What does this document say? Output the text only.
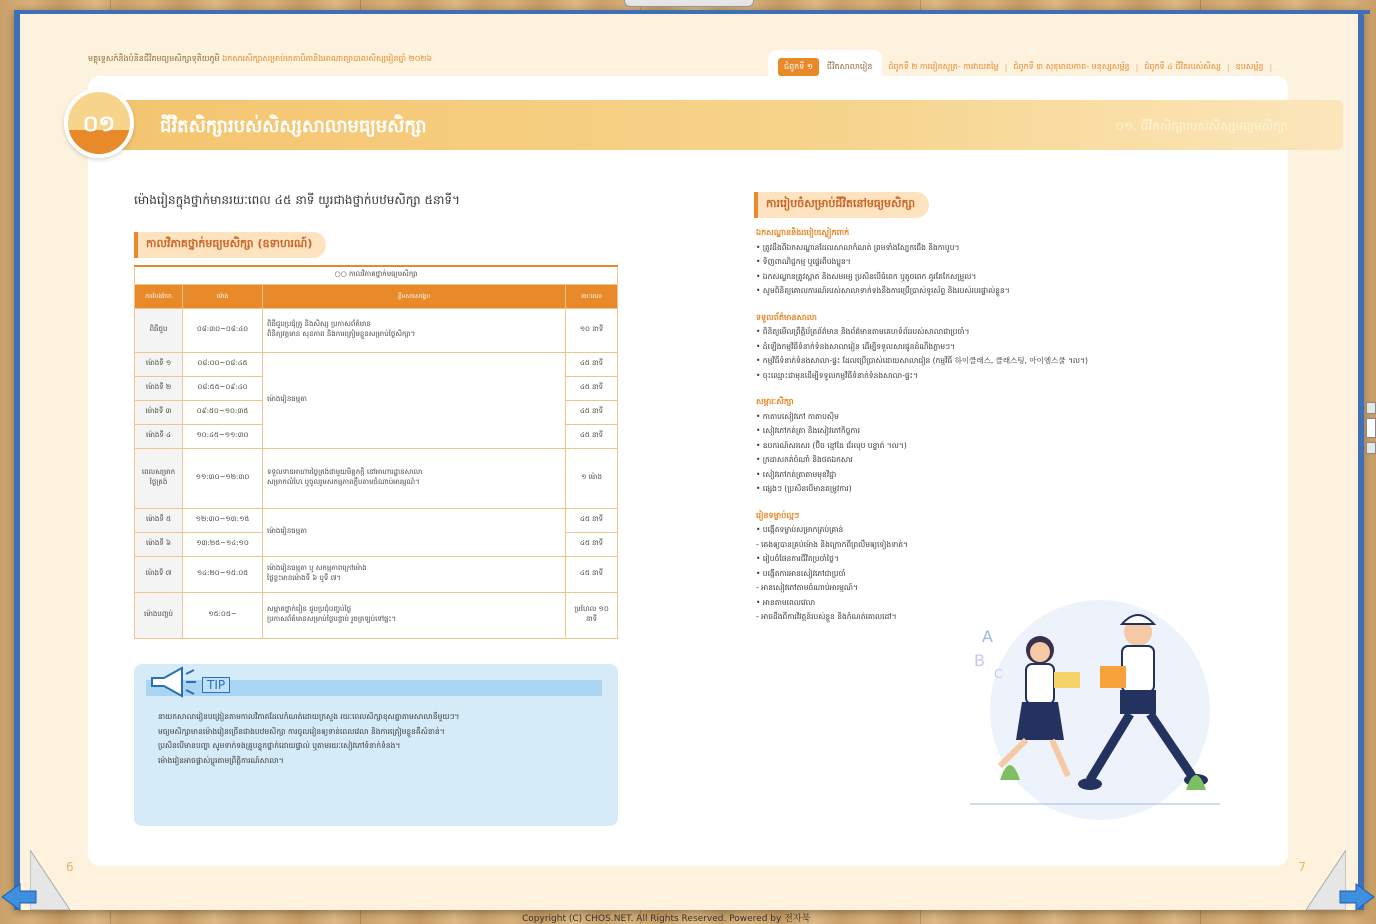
មគ្គុទ្ទេសក៍និងបំនិនជីវិតមធ្យមសិក្សាទុតិយភូមិ ឯកសារសិក្សាសម្រាប់មាតាបិតានិងអាណាព្យាបាលសិស្សរៀនឆ្នាំ ២០២៦
ជំពូកទី ១	ជីវិតសាលារៀន ជំពូកទី ២ ការរៀនសូត្រ- ការវាយតម្លៃ | ជំពូកទី ៣ សុខុមាលភាព- មនុស្សសម្ព័ន្ធ | ជំពូកទី ៤ ជីវិតរបស់សិស្ស | ឧបសម្ព័ន្ធ |
០១	ជីវិតសិក្សារបស់សិស្សសាលាមធ្យមសិក្សា	០១. ជីវិតសិក្សារបស់សិស្សមធ្យមសិក្សា
ម៉ោងរៀនក្នុងថ្នាក់មានរយៈពេល ៤៥ នាទី យូរជាងថ្នាក់បឋមសិក្សា ៥នាទី។
កាលវិភាគថ្នាក់មធ្យមសិក្សា (ឧទាហរណ៍)
○○ កាលវិភាគថ្នាក់មធ្យមសិក្សា			
ការបែងចែក	ម៉ោង	ខ្លឹមសារសង្ខេប	រយៈពេល
ពិធីជួប	០៨:៣០~០៨:៤០	ពិធីជួបប្រជុំគ្រូ និងសិស្ស ប្រកាសព័ត៌មាន
ពិនិត្យវត្តមាន សុខភាព និងការត្រៀមខ្លួនសម្រាប់ថ្ងៃសិក្សា។	១០ នាទី
ម៉ោងទី ១	០៨:០០~០៨:៤៥	ម៉ោងរៀនធម្មតា	៤៥ នាទី
ម៉ោងទី ២	០៨:៥៥~០៩:៤០		៤៥ នាទី
ម៉ោងទី ៣	០៩:៥០~១០:៣៥		៤៥ នាទី
ម៉ោងទី ៤	១០:៤៥~១១:៣០		៤៥ នាទី
ពេលសម្រាកថ្ងៃត្រង់	១១:៣០~១២:៣០	ទទួលទានអាហារថ្ងៃត្រង់ជាមួយមិត្តភក្តិ នៅអាហារដ្ឋានសាលា
សម្រាកលំហែ ឬចូលរួមសកម្មភាពក្លឹបតាមចំណាប់អារម្មណ៍។	១ ម៉ោង
ម៉ោងទី ៥	១២:៣០~១៣:១៥	ម៉ោងរៀនធម្មតា	៤៥ នាទី
ម៉ោងទី ៦	១៣:២៥~១៤:១០		៤៥ នាទី
ម៉ោងទី ៧	១៤:២០~១៥:០៥	ម៉ោងរៀនធម្មតា ឬ សកម្មភាពក្រៅម៉ោង
ថ្ងៃខ្លះមានម៉ោងទី ៦ ឬទី ៧។	៤៥ នាទី
ម៉ោងបញ្ចប់	១៥:០៥~	សម្អាតថ្នាក់រៀន ជួបប្រជុំបញ្ចប់ថ្ងៃ
ប្រកាសព័ត៌មានសម្រាប់ថ្ងៃបន្ទាប់ រួចត្រឡប់ទៅផ្ទះ។	ប្រហែល ១០ នាទី
TIP
នាយកសាលារៀនបង្រៀនតាមកាលវិភាគដែលកំណត់ដោយក្រសួង រយៈពេលសិក្សាខុសគ្នាតាមសាលានីមួយៗ។
មធ្យមសិក្សាមានម៉ោងរៀនច្រើនជាងបឋមសិក្សា ការចូលរៀនឲ្យទាន់ពេលវេលា និងការត្រៀមខ្លួនគឺសំខាន់។
ប្រសិនបើមានបញ្ហា សូមទាក់ទងគ្រូបន្ទុកថ្នាក់ដោយផ្ទាល់ ឬតាមរយៈសៀវភៅទំនាក់ទំនង។
ម៉ោងរៀនអាចផ្លាស់ប្តូរតាមព្រឹត្តិការណ៍សាលា។
ការរៀបចំសម្រាប់ជីវិតនៅមធ្យមសិក្សា
ឯកសណ្ឋាននិងរបៀបស្លៀកពាក់
• ត្រូវដឹងពីឯកសណ្ឋានដែលសាលាកំណត់ ព្រមទាំងស្បែកជើង និងកាបូប។
• ទិញពាណិជ្ជកម្ម ឬផ្ទេរពីបងប្អូន។
• ឯកសណ្ឋានត្រូវស្អាត និងសមរម្យ ប្រសិនបើធំពេក ឬតូចពេក គួរតែកែសម្រួល។
• សូមពិនិត្យគោលការណ៍របស់សាលាទាក់ទងនឹងការប្រើប្រាស់ទូរស័ព្ទ និងរបស់របរផ្ទាល់ខ្លួន។
ទទួលព័ត៌មានសាលា
• ពិនិត្យមើលព្រឹត្តិប័ត្រព័ត៌មាន និងព័ត៌មានតាមគេហទំព័ររបស់សាលាជាប្រចាំ។
• ដំឡើងកម្មវិធីទំនាក់ទំនងសាលារៀន ដើម្បីទទួលសារជូនដំណឹងភ្លាមៗ។
• កម្មវិធីទំនាក់ទំនងសាលា-ផ្ទះ ដែលប្រើប្រាស់ដោយសាលារៀន (កម្មវិធី 하이클래스, 클래스팅, 아이엠스쿨 ។ល។)
• ចុះឈ្មោះជាមុនដើម្បីទទួលកម្មវិធីទំនាក់ទំនងសាលា-ផ្ទះ។
សម្ភារៈសិក្សា
• កាតាបសៀវភៅ កាតាបស៊ិម
• សៀវភៅកត់ត្រា និងសៀវភៅកិច្ចការ
• ឧបករណ៍សរសេរ (ប៊ិច ខ្មៅដៃ ជ័រលុប បន្ទាត់ ។ល។)
• ក្រដាសកត់ចំណាំ និងថតឯកសារ
• សៀវភៅកត់ត្រាតាមមុខវិជ្ជា
• ផ្សេងៗ (ប្រសិនបើមានតម្រូវការ)
រៀនទម្លាប់ល្អៗ
• បង្កើតទម្លាប់សម្រាកគ្រប់គ្រាន់
- គេងឲ្យបានគ្រប់ម៉ោង និងក្រោកពីព្រលឹមឲ្យទៀងទាត់។
• រៀបចំផែនការជីវិតប្រចាំថ្ងៃ។
• បង្កើតការអានសៀវភៅជាប្រចាំ
- អានសៀវភៅតាមចំណាប់អារម្មណ៍។
• អានតាមពេលវេលា
- អាចដឹងពីការវិវត្តន៍របស់ខ្លួន និងកំណត់គោលដៅ។
A
B
C
6	7
Copyright (C) CHOS.NET. All Rights Reserved. Powered by 전자북
